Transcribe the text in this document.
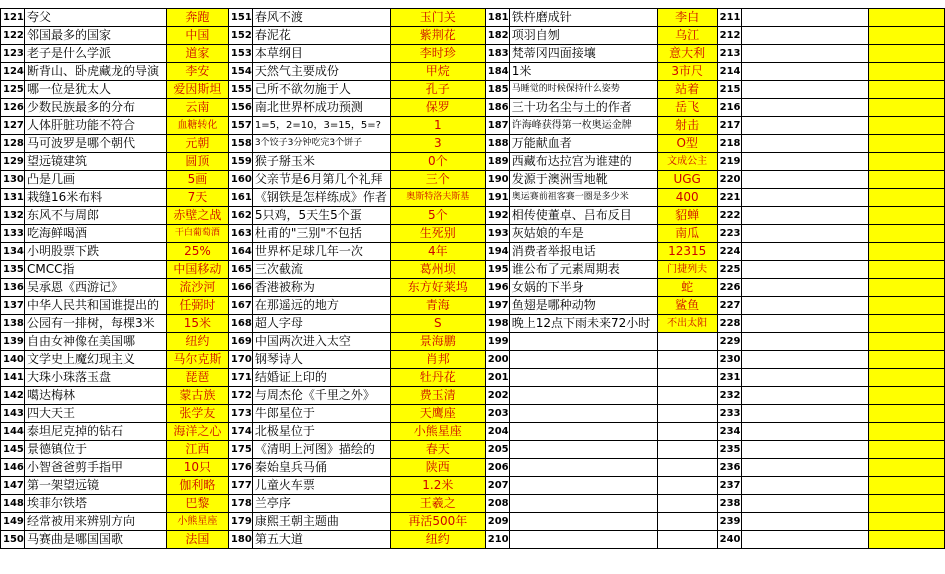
121	夸父	奔跑	151	春风不渡	玉门关	181	铁杵磨成针	李白	211		
122	邻国最多的国家	中国	152	春泥花	紫荆花	182	项羽自刎	乌江	212		
123	老子是什么学派	道家	153	本草纲目	李时珍	183	梵蒂冈四面接壤	意大利	213		
124	断背山、卧虎藏龙的导演	李安	154	天然气主要成份	甲烷	184	1米	3市尺	214		
125	哪一位是犹太人	爱因斯坦	155	己所不欲勿施于人	孔子	185	马睡觉的时候保持什么姿势	站着	215		
126	少数民族最多的分布	云南	156	南北世界杯成功预测	保罗	186	三十功名尘与土的作者	岳飞	216		
127	人体肝脏功能不符合	血糖转化	157	1=5，2=10，3=15，5=?	1	187	许海峰获得第一枚奥运金牌	射击	217		
128	马可波罗是哪个朝代	元朝	158	3个饺子3分钟吃完3个饼子	3	188	万能献血者	O型	218		
129	望远镜建筑	圆顶	159	猴子掰玉米	0个	189	西藏布达拉宫为谁建的	文成公主	219		
130	凸是几画	5画	160	父亲节是6月第几个礼拜	三个	190	发源于澳洲雪地靴	UGG	220		
131	栽缝16米布料	7天	161	《钢铁是怎样练成》作者	奥斯特洛夫斯基	191	奥运赛前祖客赛一圈是多少米	400	221		
132	东风不与周郎	赤壁之战	162	5只鸡，5天生5个蛋	5个	192	相传使董卓、吕布反目	貂蝉	222		
133	吃海鲜喝酒	干白葡萄酒	163	杜甫的"三别"不包括	生死别	193	灰姑娘的车是	南瓜	223		
134	小明股票下跌	25%	164	世界杯足球几年一次	4年	194	消费者举报电话	12315	224		
135	CMCC指	中国移动	165	三次截流	葛州坝	195	谁公布了元素周期表	门捷列夫	225		
136	吴承恩《西游记》	流沙河	166	香港被称为	东方好莱坞	196	女娲的下半身	蛇	226		
137	中华人民共和国谁提出的	任弼时	167	在那遥远的地方	青海	197	鱼翅是哪种动物	鲨鱼	227		
138	公园有一排树，每棵3米	15米	168	超人字母	S	198	晚上12点下雨未来72小时	不出太阳	228		
139	自由女神像在美国哪	纽约	169	中国两次进入太空	景海鹏	199			229		
140	文学史上魔幻现主义	马尔克斯	170	钢琴诗人	肖邦	200			230		
141	大珠小珠落玉盘	琵琶	171	结婚证上印的	牡丹花	201			231		
142	噶达梅林	蒙古族	172	与周杰伦《千里之外》	费玉清	202			232		
143	四大天王	张学友	173	牛郎星位于	天鹰座	203			233		
144	泰坦尼克掉的钻石	海洋之心	174	北极星位于	小熊星座	204			234		
145	景德镇位于	江西	175	《清明上河图》描绘的	春天	205			235		
146	小智爸爸剪手指甲	10只	176	秦始皇兵马俑	陕西	206			236		
147	第一架望远镜	伽利略	177	儿童火车票	1.2米	207			237		
148	埃菲尔铁塔	巴黎	178	兰亭序	王羲之	208			238		
149	经常被用来辨别方向	小熊星座	179	康熙王朝主题曲	再活500年	209			239		
150	马赛曲是哪国国歌	法国	180	第五大道	纽约	210			240		
